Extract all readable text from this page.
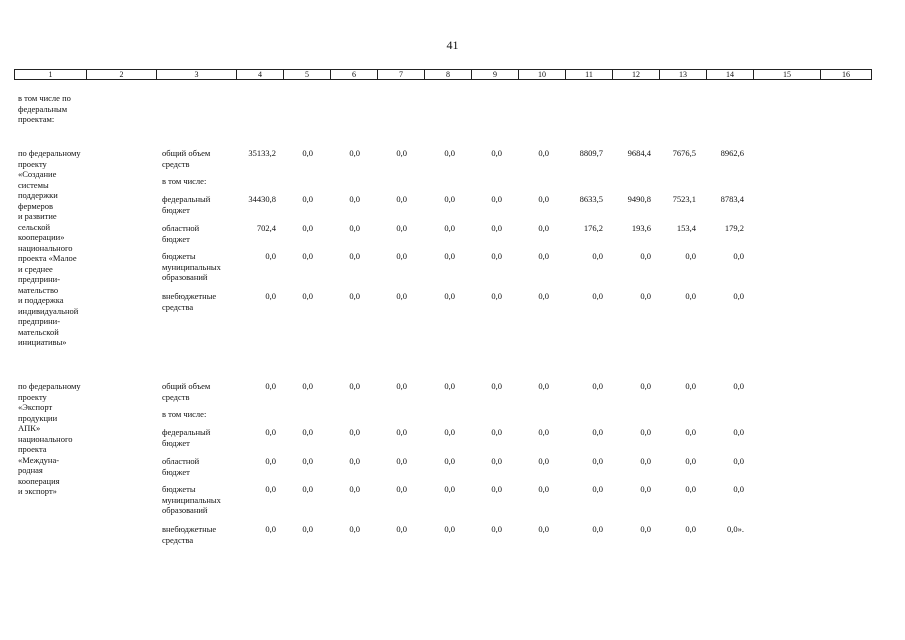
41
1	2	3	4	5	6	7	8	9	10	11	12	13	14	15	16
в том числе по
федеральным
проектам:
по федеральному
проекту
«Создание
системы
поддержки
фермеров
и развитие
сельской
кооперации»
национального
проекта «Малое
и среднее
предприни-
мательство
и поддержка
индивидуальной
предприни-
мательской
инициативы»
общий объем
средств
35133,2	0,0	0,0	0,0	0,0	0,0	0,0	8809,7	9684,4	7676,5	8962,6
в том числе:
федеральный
бюджет
34430,8	0,0	0,0	0,0	0,0	0,0	0,0	8633,5	9490,8	7523,1	8783,4
областной
бюджет
702,4	0,0	0,0	0,0	0,0	0,0	0,0	176,2	193,6	153,4	179,2
бюджеты
муниципальных
образований
0,0	0,0	0,0	0,0	0,0	0,0	0,0	0,0	0,0	0,0	0,0
внебюджетные
средства
0,0	0,0	0,0	0,0	0,0	0,0	0,0	0,0	0,0	0,0	0,0
по федеральному
проекту
«Экспорт
продукции
АПК»
национального
проекта
«Междуна-
родная
кооперация
и экспорт»
общий объем
средств
0,0	0,0	0,0	0,0	0,0	0,0	0,0	0,0	0,0	0,0	0,0
в том числе:
федеральный
бюджет
0,0	0,0	0,0	0,0	0,0	0,0	0,0	0,0	0,0	0,0	0,0
областной
бюджет
0,0	0,0	0,0	0,0	0,0	0,0	0,0	0,0	0,0	0,0	0,0
бюджеты
муниципальных
образований
0,0	0,0	0,0	0,0	0,0	0,0	0,0	0,0	0,0	0,0	0,0
внебюджетные
средства
0,0	0,0	0,0	0,0	0,0	0,0	0,0	0,0	0,0	0,0	0,0».
